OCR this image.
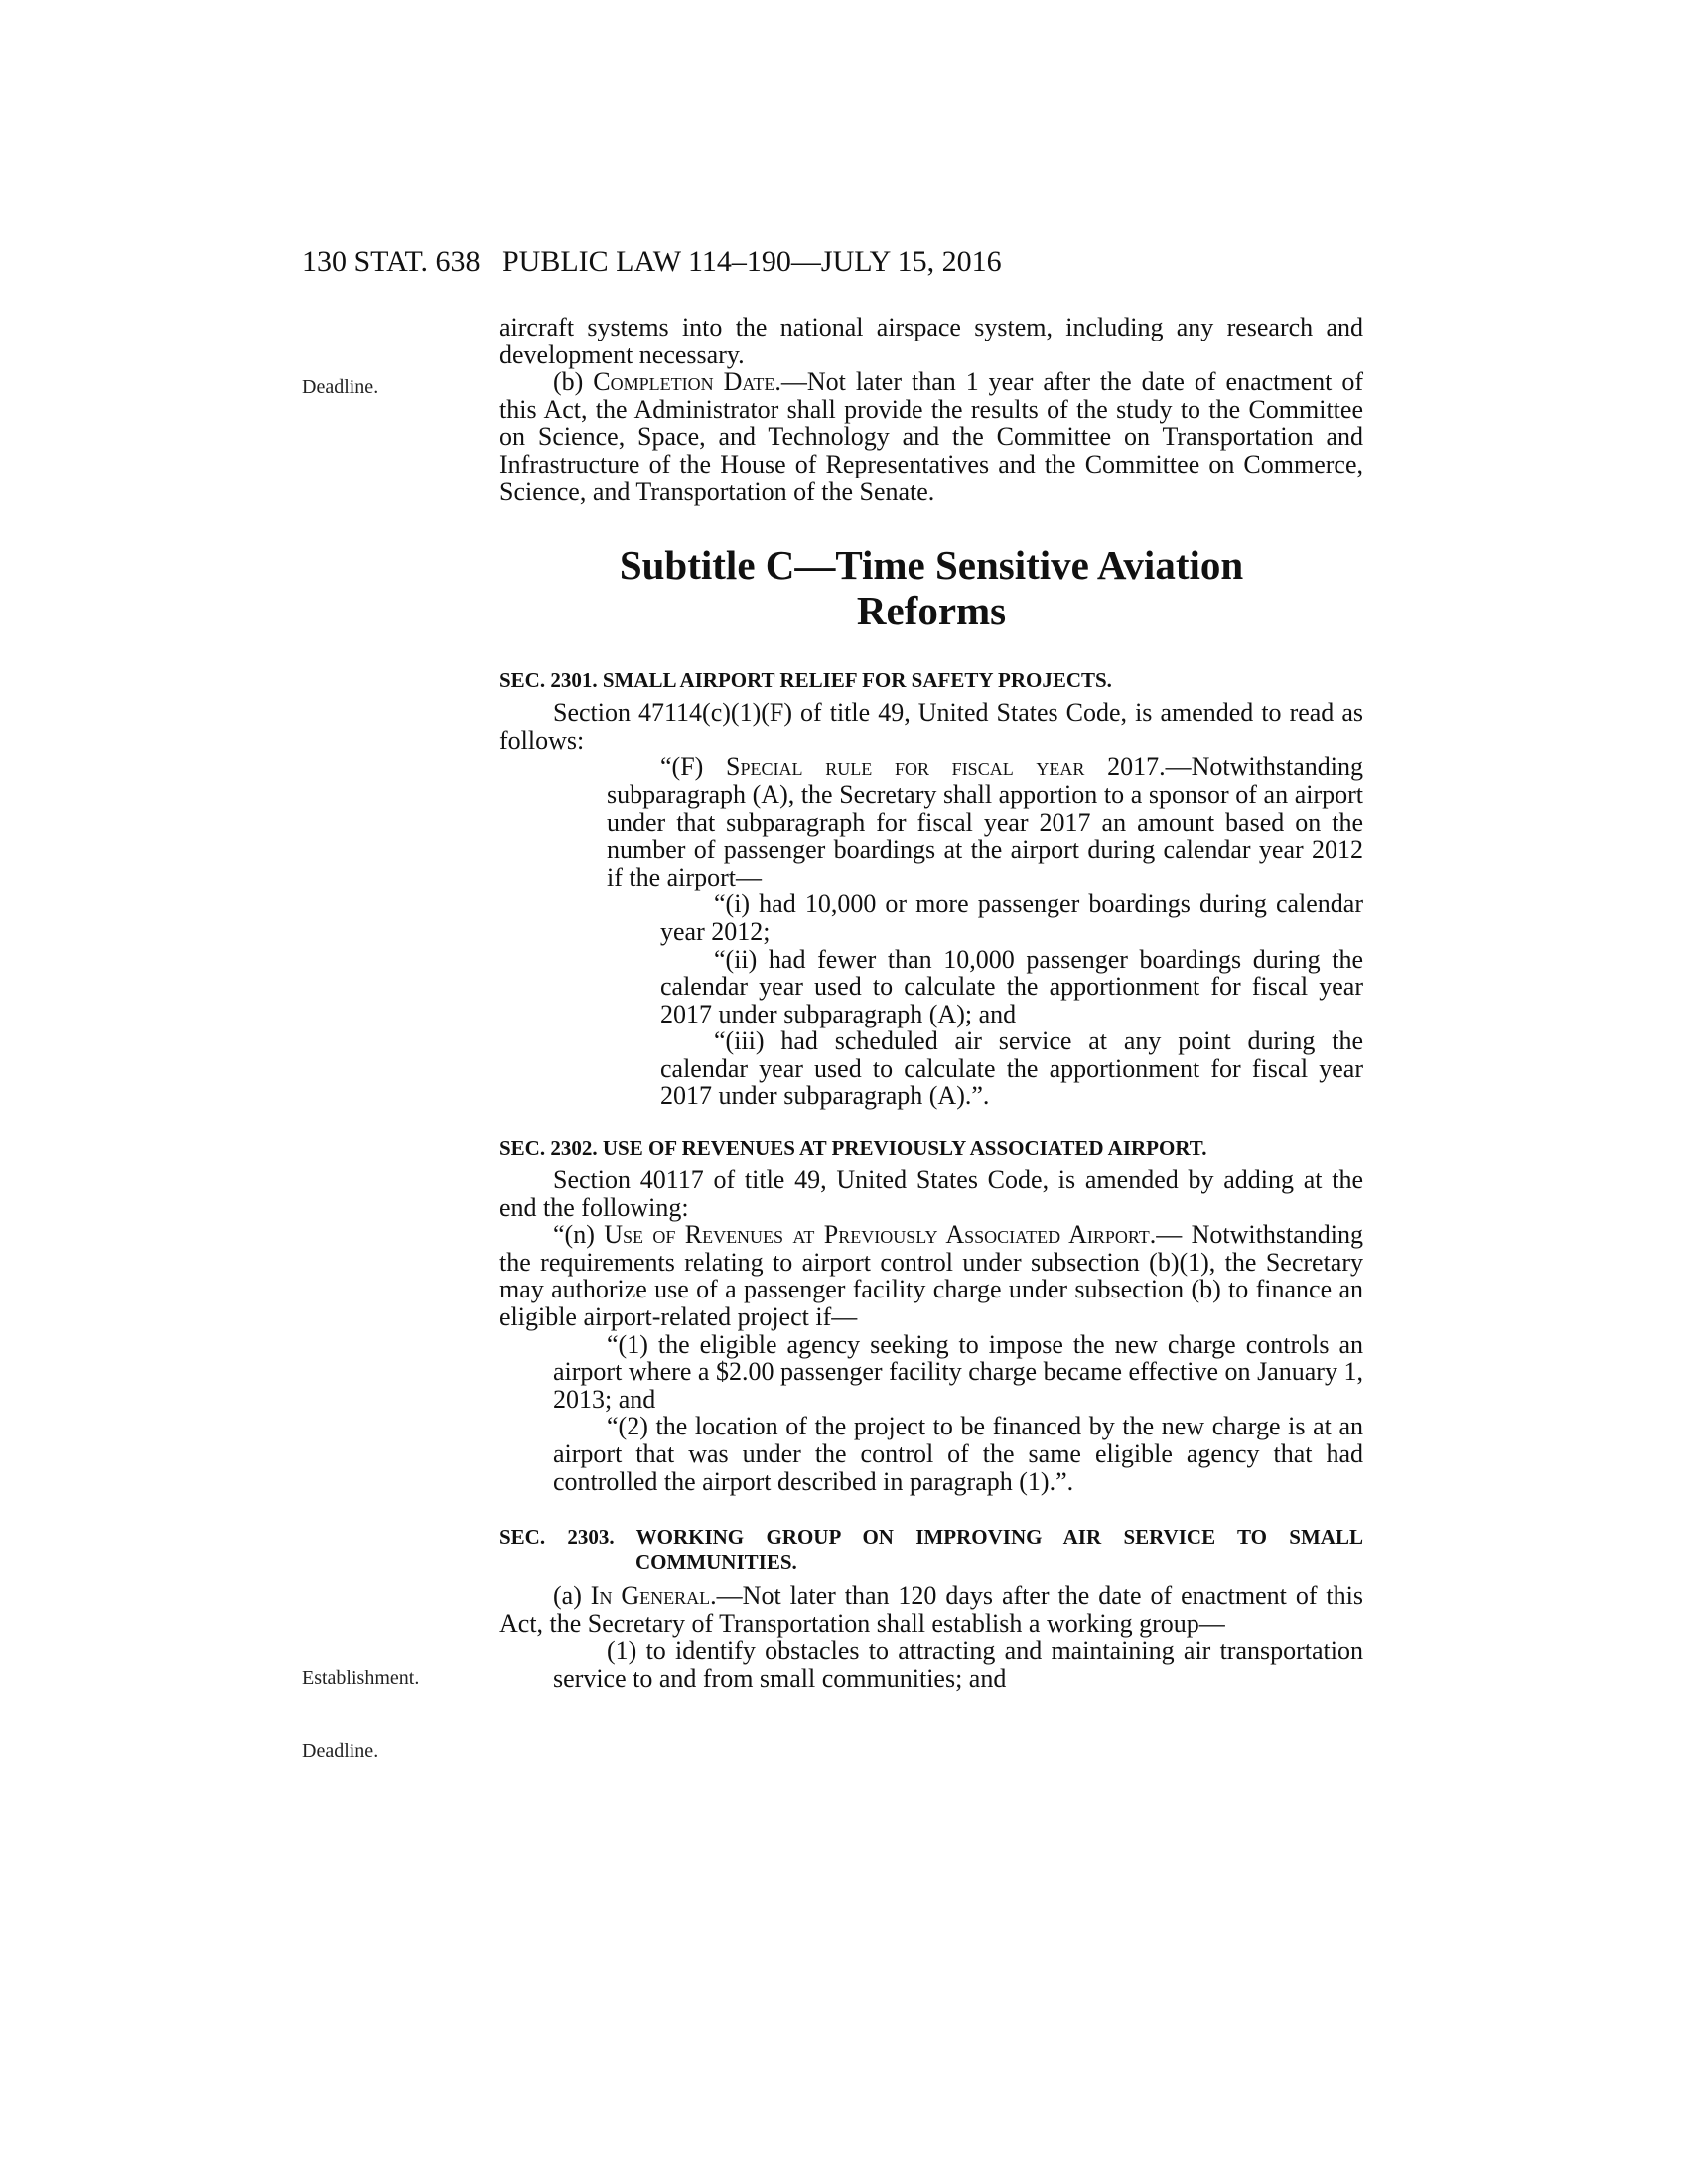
130 STAT. 638 PUBLIC LAW 114–190—JULY 15, 2016
Deadline.
Establishment.
Deadline.

aircraft systems into the national airspace system, including any research and development necessary.

(b) Completion Date.—Not later than 1 year after the date of enactment of this Act, the Administrator shall provide the results of the study to the Committee on Science, Space, and Technology and the Committee on Transportation and Infrastructure of the House of Representatives and the Committee on Commerce, Science, and Transportation of the Senate.

Subtitle C—Time Sensitive Aviation Reforms

SEC. 2301. SMALL AIRPORT RELIEF FOR SAFETY PROJECTS.

Section 47114(c)(1)(F) of title 49, United States Code, is amended to read as follows:

“(F) Special rule for fiscal year 2017.—Notwithstanding subparagraph (A), the Secretary shall apportion to a sponsor of an airport under that subparagraph for fiscal year 2017 an amount based on the number of passenger boardings at the airport during calendar year 2012 if the airport—

“(i) had 10,000 or more passenger boardings during calendar year 2012;

“(ii) had fewer than 10,000 passenger boardings during the calendar year used to calculate the apportionment for fiscal year 2017 under subparagraph (A); and

“(iii) had scheduled air service at any point during the calendar year used to calculate the apportionment for fiscal year 2017 under subparagraph (A).”.

SEC. 2302. USE OF REVENUES AT PREVIOUSLY ASSOCIATED AIRPORT.

Section 40117 of title 49, United States Code, is amended by adding at the end the following:

“(n) Use of Revenues at Previously Associated Airport.— Notwithstanding the requirements relating to airport control under subsection (b)(1), the Secretary may authorize use of a passenger facility charge under subsection (b) to finance an eligible airport-related project if—

“(1) the eligible agency seeking to impose the new charge controls an airport where a $2.00 passenger facility charge became effective on January 1, 2013; and

“(2) the location of the project to be financed by the new charge is at an airport that was under the control of the same eligible agency that had controlled the airport described in paragraph (1).”.

SEC. 2303. WORKING GROUP ON IMPROVING AIR SERVICE TO SMALL COMMUNITIES.

(a) In General.—Not later than 120 days after the date of enactment of this Act, the Secretary of Transportation shall establish a working group—

(1) to identify obstacles to attracting and maintaining air transportation service to and from small communities; and
